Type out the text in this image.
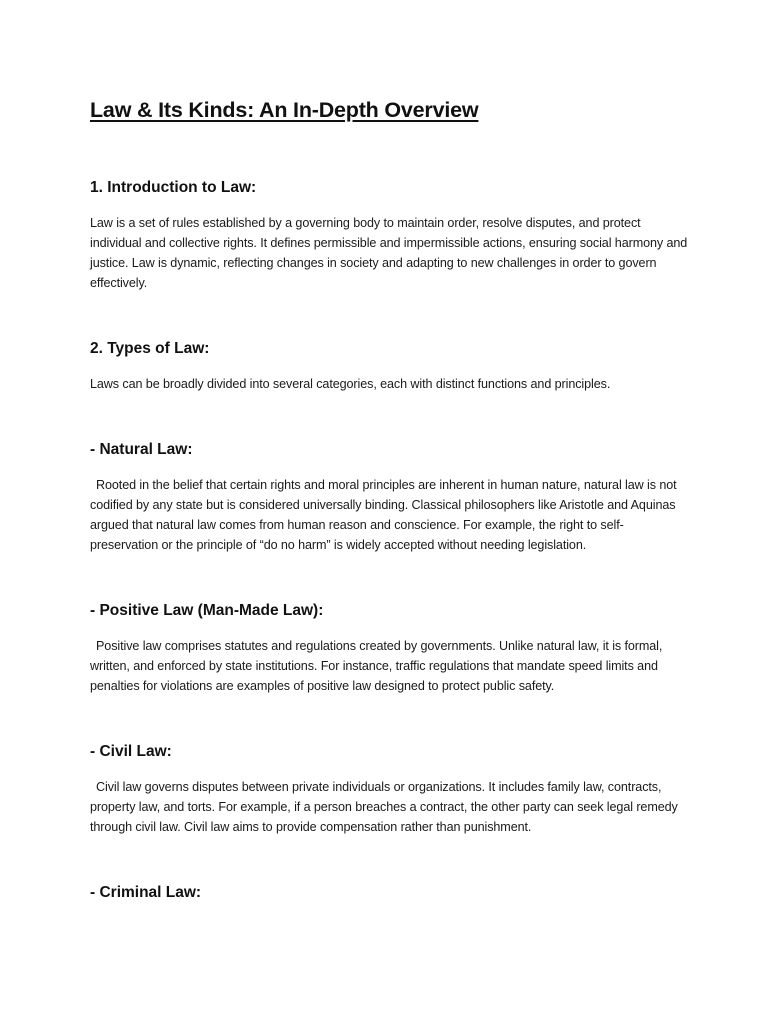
Law & Its Kinds: An In-Depth Overview
1. Introduction to Law:

Law is a set of rules established by a governing body to maintain order, resolve disputes, and protect individual and collective rights. It defines permissible and impermissible actions, ensuring social harmony and justice. Law is dynamic, reflecting changes in society and adapting to new challenges in order to govern effectively.

2. Types of Law:

Laws can be broadly divided into several categories, each with distinct functions and principles.

- Natural Law:

Rooted in the belief that certain rights and moral principles are inherent in human nature, natural law is not codified by any state but is considered universally binding. Classical philosophers like Aristotle and Aquinas argued that natural law comes from human reason and conscience. For example, the right to self-preservation or the principle of “do no harm” is widely accepted without needing legislation.

- Positive Law (Man-Made Law):

Positive law comprises statutes and regulations created by governments. Unlike natural law, it is formal, written, and enforced by state institutions. For instance, traffic regulations that mandate speed limits and penalties for violations are examples of positive law designed to protect public safety.

- Civil Law:

Civil law governs disputes between private individuals or organizations. It includes family law, contracts, property law, and torts. For example, if a person breaches a contract, the other party can seek legal remedy through civil law. Civil law aims to provide compensation rather than punishment.

- Criminal Law:
